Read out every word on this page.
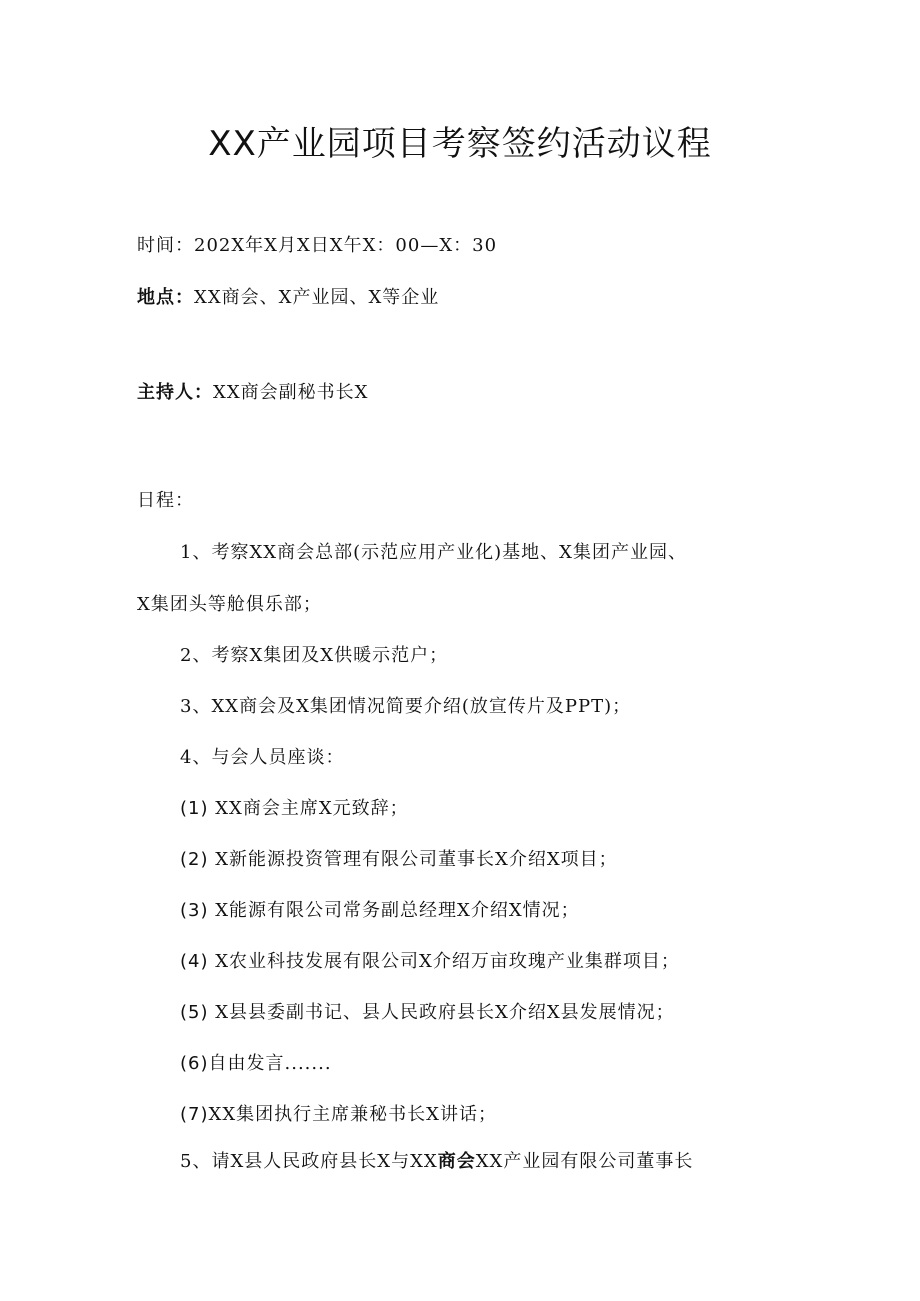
XX产业园项目考察签约活动议程
时间：202X年X月X日X午X：00—X：30
地点：XX商会、X产业园、X等企业
主持人：XX商会副秘书长X
日程：
1、考察XX商会总部(示范应用产业化)基地、X集团产业园、
X集团头等舱俱乐部；
2、考察X集团及X供暖示范户；
3、XX商会及X集团情况简要介绍(放宣传片及PPT)；
4、与会人员座谈：
(1) XX商会主席X元致辞；
(2) X新能源投资管理有限公司董事长X介绍X项目；
(3) X能源有限公司常务副总经理X介绍X情况；
(4) X农业科技发展有限公司X介绍万亩玫瑰产业集群项目；
(5) X县县委副书记、县人民政府县长X介绍X县发展情况；
(6)自由发言.......
(7)XX集团执行主席兼秘书长X讲话；
5、请X县人民政府县长X与XX商会XX产业园有限公司董事长
